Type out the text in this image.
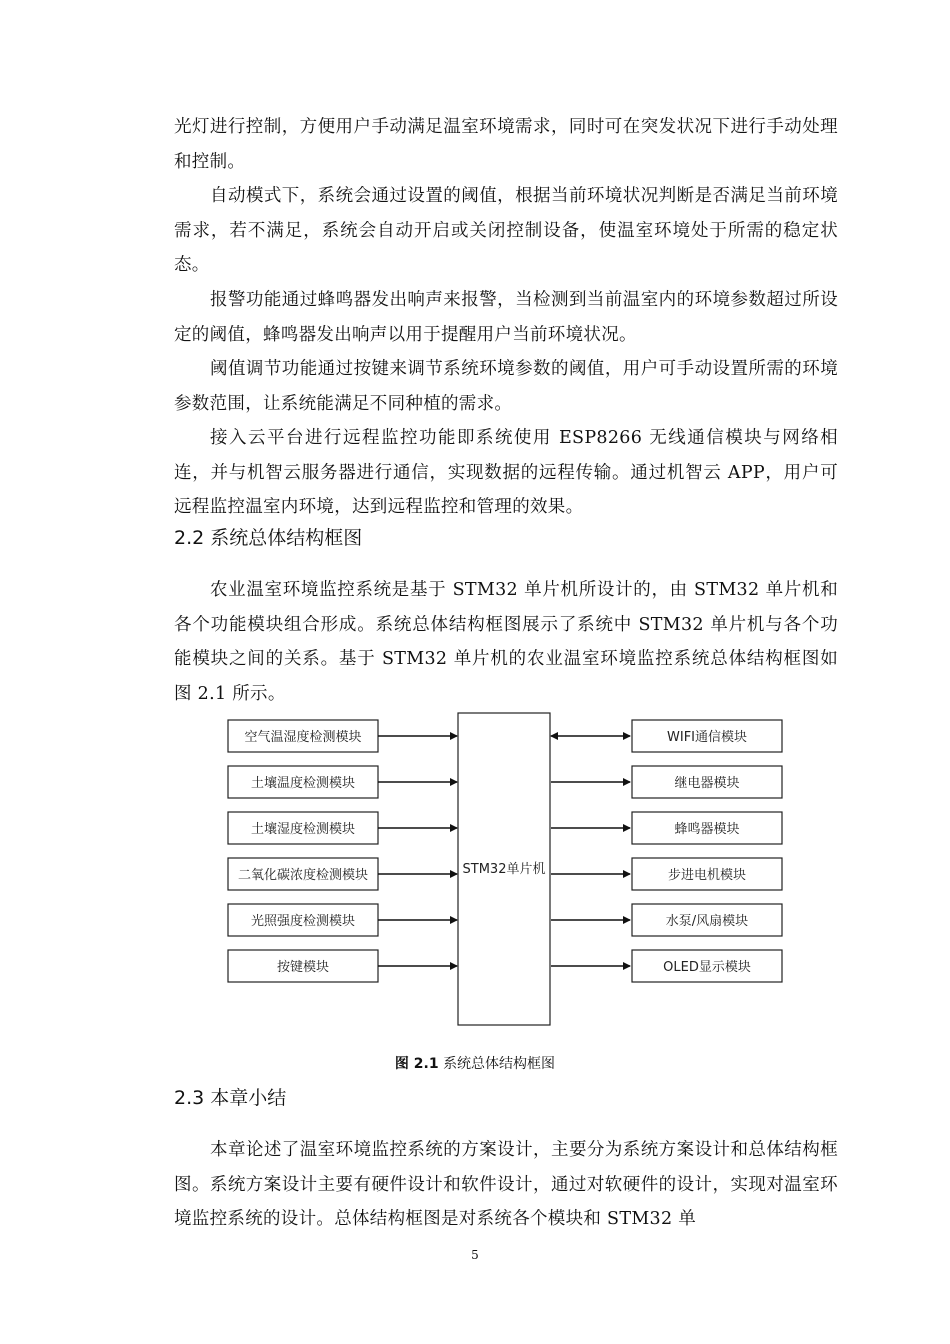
光灯进行控制，方便用户手动满足温室环境需求，同时可在突发状况下进行手动处理和控制。

自动模式下，系统会通过设置的阈值，根据当前环境状况判断是否满足当前环境需求，若不满足，系统会自动开启或关闭控制设备，使温室环境处于所需的稳定状态。

报警功能通过蜂鸣器发出响声来报警，当检测到当前温室内的环境参数超过所设定的阈值，蜂鸣器发出响声以用于提醒用户当前环境状况。

阈值调节功能通过按键来调节系统环境参数的阈值，用户可手动设置所需的环境参数范围，让系统能满足不同种植的需求。

接入云平台进行远程监控功能即系统使用 ESP8266 无线通信模块与网络相连，并与机智云服务器进行通信，实现数据的远程传输。通过机智云 APP，用户可远程监控温室内环境，达到远程监控和管理的效果。

2.2 系统总体结构框图

农业温室环境监控系统是基于 STM32 单片机所设计的，由 STM32 单片机和各个功能模块组合形成。系统总体结构框图展示了系统中 STM32 单片机与各个功能模块之间的关系。基于 STM32 单片机的农业温室环境监控系统总体结构框图如图 2.1 所示。

STM32单片机
空气温湿度检测模块
土壤温度检测模块
土壤湿度检测模块
二氧化碳浓度检测模块
光照强度检测模块
按键模块
WIFI通信模块
继电器模块
蜂鸣器模块
步进电机模块
水泵/风扇模块
OLED显示模块

图 2.1 系统总体结构框图

2.3 本章小结

本章论述了温室环境监控系统的方案设计，主要分为系统方案设计和总体结构框图。系统方案设计主要有硬件设计和软件设计，通过对软硬件的设计，实现对温室环境监控系统的设计。总体结构框图是对系统各个模块和 STM32 单

5
